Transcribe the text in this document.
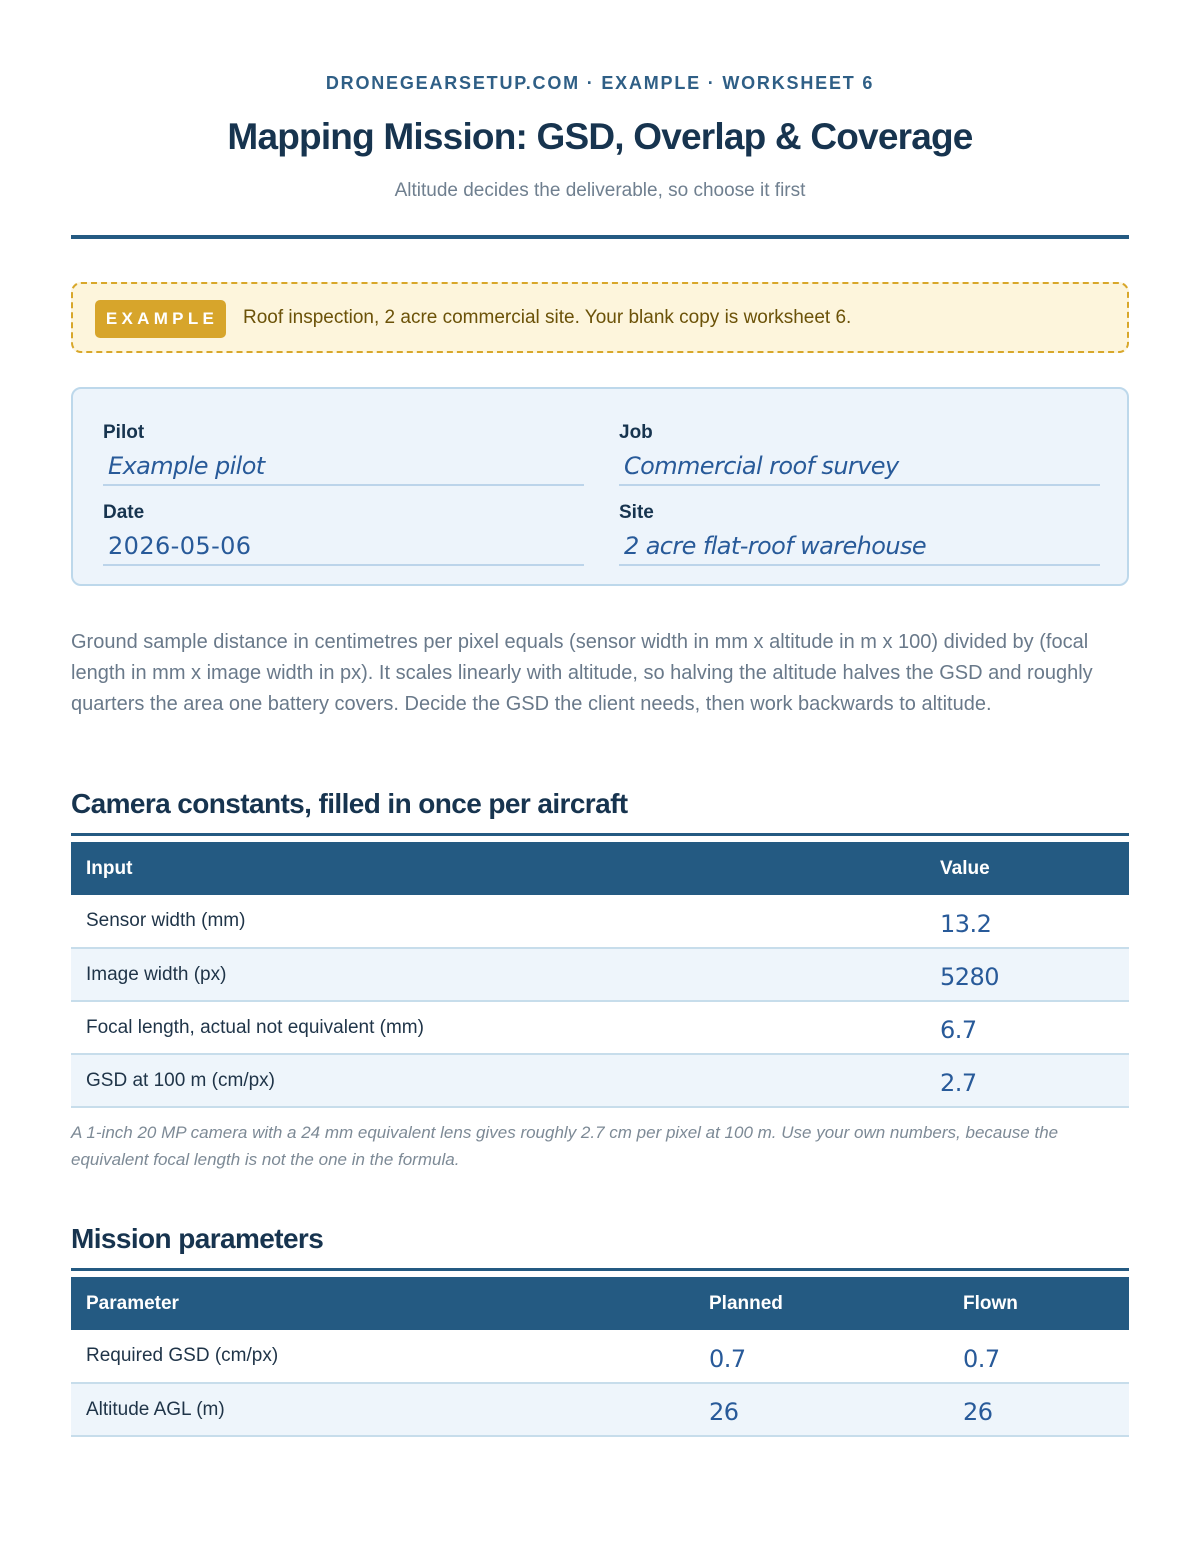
DRONEGEARSETUP.COM · EXAMPLE · WORKSHEET 6
Mapping Mission: GSD, Overlap & Coverage
Altitude decides the deliverable, so choose it first
EXAMPLE	Roof inspection, 2 acre commercial site. Your blank copy is worksheet 6.
Pilot
Example pilot
Job
Commercial roof survey
Date
2026-05-06
Site
2 acre flat-roof warehouse
Ground sample distance in centimetres per pixel equals (sensor width in mm x altitude in m x 100) divided by (focal length in mm x image width in px). It scales linearly with altitude, so halving the altitude halves the GSD and roughly quarters the area one battery covers. Decide the GSD the client needs, then work backwards to altitude.
Camera constants, filled in once per aircraft
Input	Value
Sensor width (mm)	13.2
Image width (px)	5280
Focal length, actual not equivalent (mm)	6.7
GSD at 100 m (cm/px)	2.7
A 1-inch 20 MP camera with a 24 mm equivalent lens gives roughly 2.7 cm per pixel at 100 m. Use your own numbers, because the equivalent focal length is not the one in the formula.
Mission parameters
Parameter	Planned	Flown
Required GSD (cm/px)	0.7	0.7
Altitude AGL (m)	26	26
